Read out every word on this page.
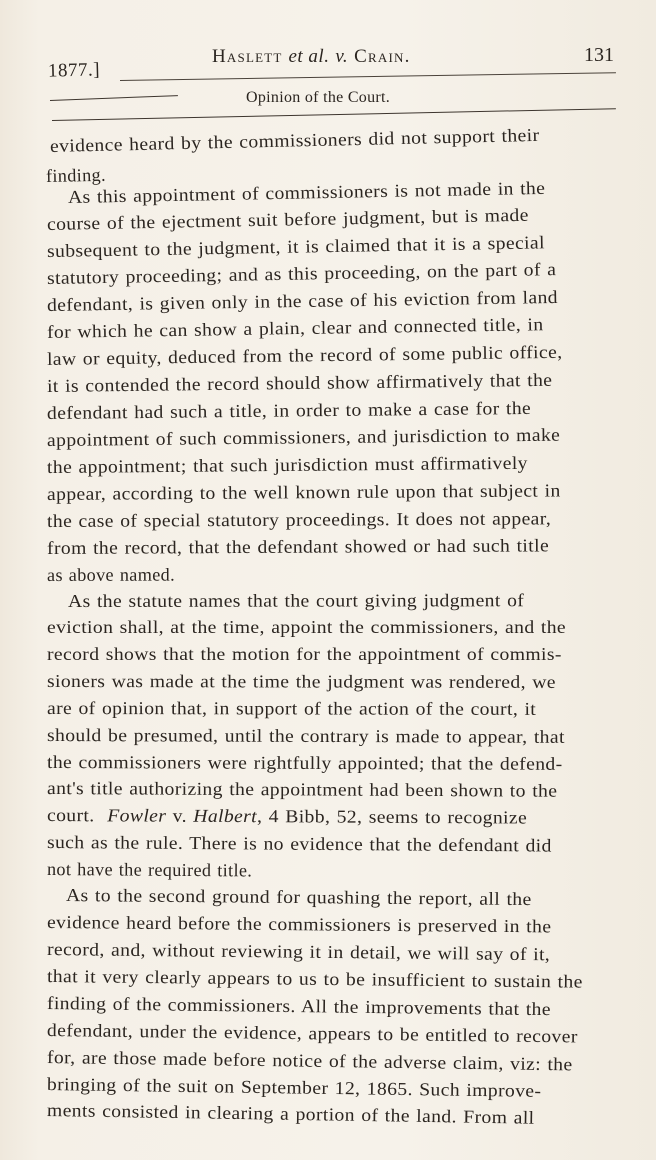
1877.]
Haslett et al. v. Crain.	131
Opinion of the Court.
evidence heard by the commissioners did not support their
finding.
As this appointment of commissioners is not made in the
course of the ejectment suit before judgment, but is made
subsequent to the judgment, it is claimed that it is a special
statutory proceeding; and as this proceeding, on the part of a
defendant, is given only in the case of his eviction from land
for which he can show a plain, clear and connected title, in
law or equity, deduced from the record of some public office,
it is contended the record should show affirmatively that the
defendant had such a title, in order to make a case for the
appointment of such commissioners, and jurisdiction to make
the appointment; that such jurisdiction must affirmatively
appear, according to the well known rule upon that subject in
the case of special statutory proceedings. It does not appear,
from the record, that the defendant showed or had such title
as above named.
As the statute names that the court giving judgment of
eviction shall, at the time, appoint the commissioners, and the
record shows that the motion for the appointment of commis-
sioners was made at the time the judgment was rendered, we
are of opinion that, in support of the action of the court, it
should be presumed, until the contrary is made to appear, that
the commissioners were rightfully appointed; that the defend-
ant's title authorizing the appointment had been shown to the
court. Fowler v. Halbert, 4 Bibb, 52, seems to recognize
such as the rule. There is no evidence that the defendant did
not have the required title.
As to the second ground for quashing the report, all the
evidence heard before the commissioners is preserved in the
record, and, without reviewing it in detail, we will say of it,
that it very clearly appears to us to be insufficient to sustain the
finding of the commissioners. All the improvements that the
defendant, under the evidence, appears to be entitled to recover
for, are those made before notice of the adverse claim, viz: the
bringing of the suit on September 12, 1865. Such improve-
ments consisted in clearing a portion of the land. From all
